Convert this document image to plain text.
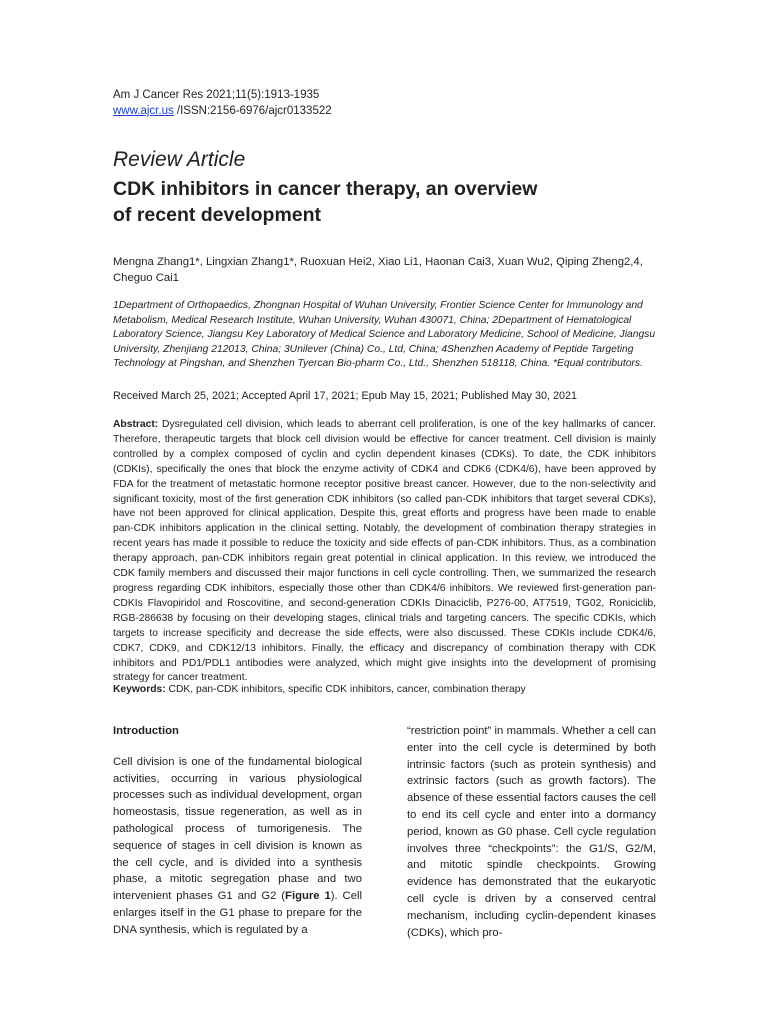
Am J Cancer Res 2021;11(5):1913-1935
www.ajcr.us /ISSN:2156-6976/ajcr0133522
Review Article
CDK inhibitors in cancer therapy, an overview of recent development
Mengna Zhang1*, Lingxian Zhang1*, Ruoxuan Hei2, Xiao Li1, Haonan Cai3, Xuan Wu2, Qiping Zheng2,4, Cheguo Cai1
1Department of Orthopaedics, Zhongnan Hospital of Wuhan University, Frontier Science Center for Immunology and Metabolism, Medical Research Institute, Wuhan University, Wuhan 430071, China; 2Department of Hematological Laboratory Science, Jiangsu Key Laboratory of Medical Science and Laboratory Medicine, School of Medicine, Jiangsu University, Zhenjiang 212013, China; 3Unilever (China) Co., Ltd, China; 4Shenzhen Academy of Peptide Targeting Technology at Pingshan, and Shenzhen Tyercan Bio-pharm Co., Ltd., Shenzhen 518118, China. *Equal contributors.
Received March 25, 2021; Accepted April 17, 2021; Epub May 15, 2021; Published May 30, 2021
Abstract: Dysregulated cell division, which leads to aberrant cell proliferation, is one of the key hallmarks of cancer. Therefore, therapeutic targets that block cell division would be effective for cancer treatment. Cell division is mainly controlled by a complex composed of cyclin and cyclin dependent kinases (CDKs). To date, the CDK inhibitors (CDKIs), specifically the ones that block the enzyme activity of CDK4 and CDK6 (CDK4/6), have been approved by FDA for the treatment of metastatic hormone receptor positive breast cancer. However, due to the non-selectivity and significant toxicity, most of the first generation CDK inhibitors (so called pan-CDK inhibitors that target several CDKs), have not been approved for clinical application. Despite this, great efforts and progress have been made to enable pan-CDK inhibitors application in the clinical setting. Notably, the development of combination therapy strategies in recent years has made it possible to reduce the toxicity and side effects of pan-CDK inhibitors. Thus, as a combination therapy approach, pan-CDK inhibitors regain great potential in clinical application. In this review, we introduced the CDK family members and discussed their major functions in cell cycle controlling. Then, we summarized the research progress regarding CDK inhibitors, especially those other than CDK4/6 inhibitors. We reviewed first-generation pan-CDKIs Flavopiridol and Roscovitine, and second-generation CDKIs Dinaciclib, P276-00, AT7519, TG02, Roniciclib, RGB-286638 by focusing on their developing stages, clinical trials and targeting cancers. The specific CDKIs, which targets to increase specificity and decrease the side effects, were also discussed. These CDKIs include CDK4/6, CDK7, CDK9, and CDK12/13 inhibitors. Finally, the efficacy and discrepancy of combination therapy with CDK inhibitors and PD1/PDL1 antibodies were analyzed, which might give insights into the development of promising strategy for cancer treatment.
Keywords: CDK, pan-CDK inhibitors, specific CDK inhibitors, cancer, combination therapy
Introduction

Cell division is one of the fundamental biological activities, occurring in various physiological processes such as individual development, organ homeostasis, tissue regeneration, as well as in pathological process of tumorigenesis. The sequence of stages in cell division is known as the cell cycle, and is divided into a synthesis phase, a mitotic segregation phase and two intervenient phases G1 and G2 (Figure 1). Cell enlarges itself in the G1 phase to prepare for the DNA synthesis, which is regulated by a

“restriction point” in mammals. Whether a cell can enter into the cell cycle is determined by both intrinsic factors (such as protein synthesis) and extrinsic factors (such as growth factors). The absence of these essential factors causes the cell to end its cell cycle and enter into a dormancy period, known as G0 phase. Cell cycle regulation involves three “checkpoints”: the G1/S, G2/M, and mitotic spindle checkpoints. Growing evidence has demonstrated that the eukaryotic cell cycle is driven by a conserved central mechanism, including cyclin-dependent kinases (CDKs), which pro-
